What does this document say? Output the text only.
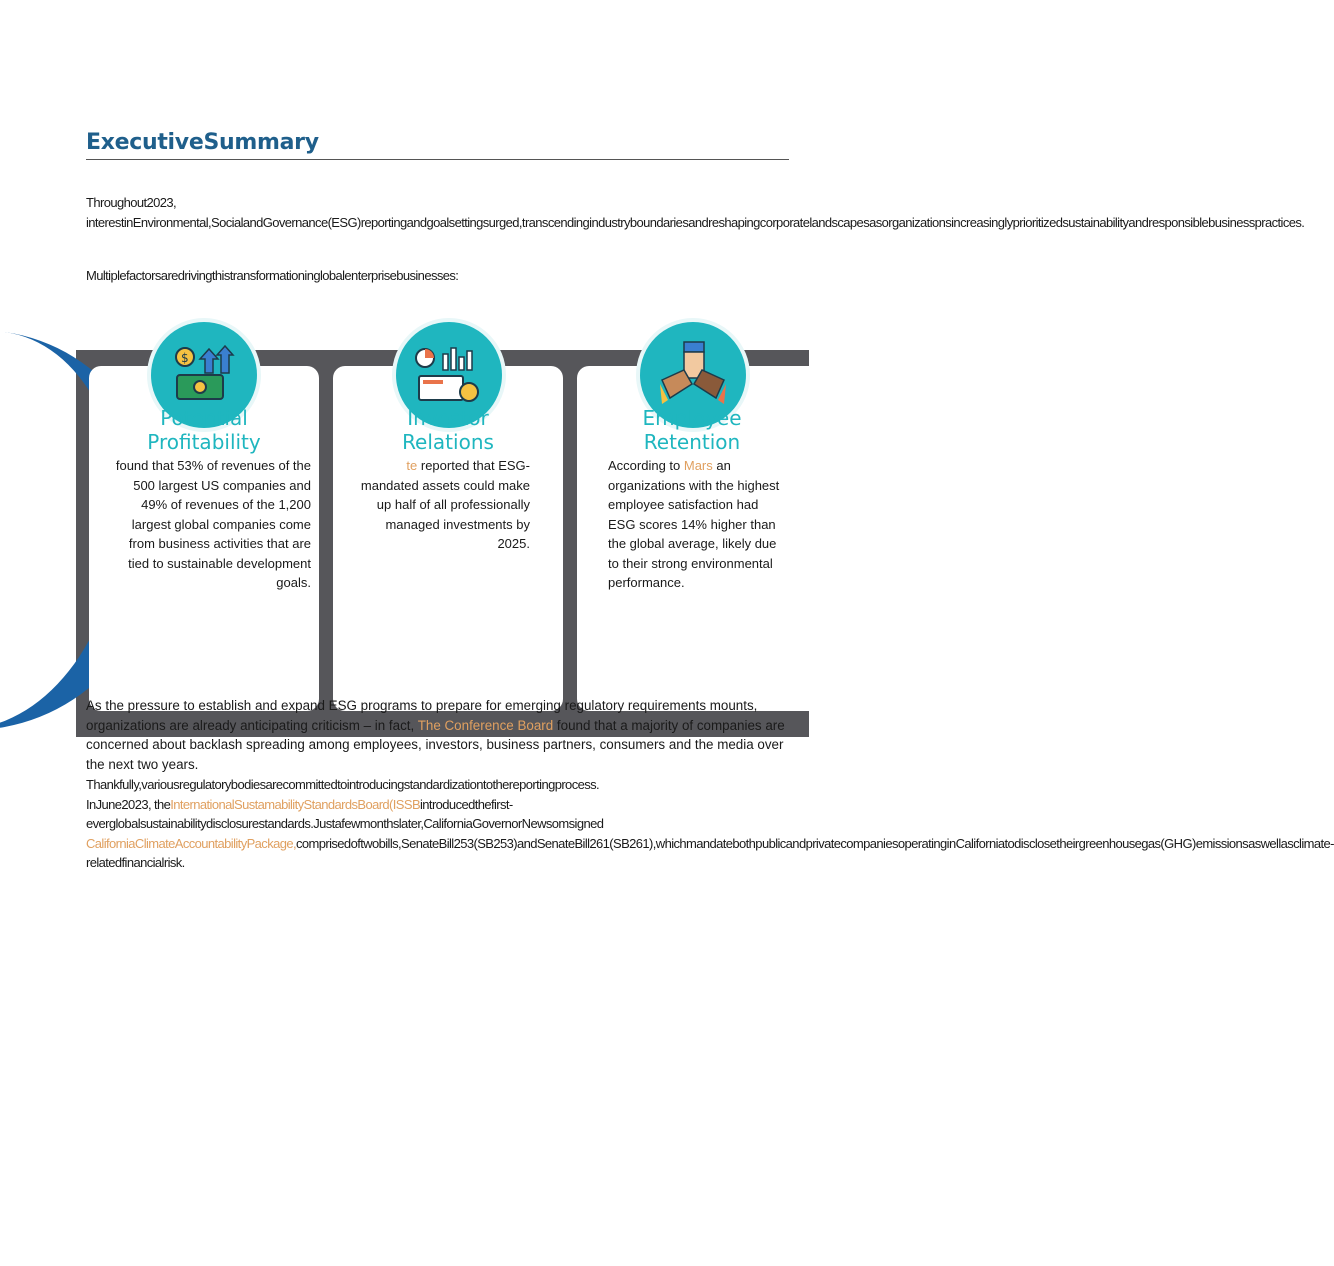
ExecutiveSummary
Throughout2023, interestinEnvironmental,SocialandGovernance(ESG)reportingandgoalsettingsurged,transcendingindustryboundariesandreshapingcorporatelandscapesasorganizationsincreasinglyprioritizedsustainabilityandresponsiblebusinesspractices.
Multiplefactorsaredrivingthistransformationinglobalenterprisebusinesses:
$
Potential
Profitability
Investor
Relations
Employee
Retention
found that 53% of revenues of the 500 largest US companies and 49% of revenues of the 1,200 largest global companies come from business activities that are tied to sustainable development goals.
te reported that ESG-mandated assets could make up half of all professionally managed investments by 2025.
According to Mars an organizations with the highest employee satisfaction had ESG scores 14% higher than the global average, likely due to their strong environmental performance.
As the pressure to establish and expand ESG programs to prepare for emerging regulatory requirements mounts, organizations are already anticipating criticism – in fact, The Conference Board found that a majority of companies are concerned about backlash spreading among employees, investors, business partners, consumers and the media over the next two years.
Thankfully,variousregulatorybodiesarecommittedtointroducingstandardizationtothereportingprocess.
InJune2023, theInternationalSustamabilityStandardsBoard(ISSBintroducedthefirst-everglobalsustainabilitydisclosurestandards.Justafewmonthslater,CaliforniaGovernorNewsomsigned CaliforniaClimateAccountabilityPackage,comprisedoftwobills,SenateBill253(SB253)andSenateBill261(SB261),whichmandatebothpublicandprivatecompaniesoperatinginCaliforniatodisclosetheirgreenhousegas(GHG)emissionsaswellasclimate-relatedfinancialrisk.
